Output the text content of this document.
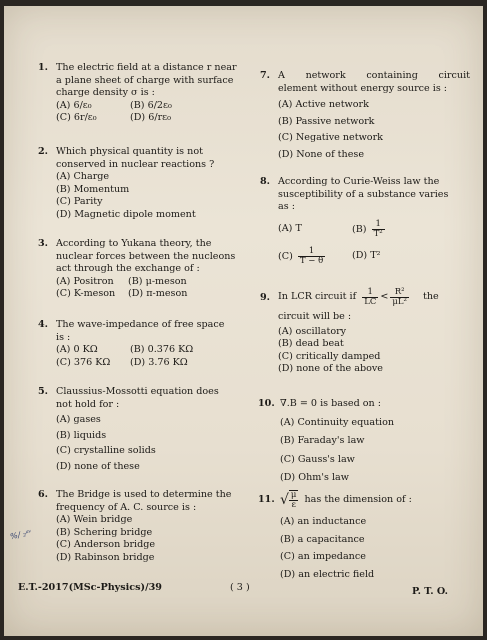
1. The electric field at a distance r near
a plane sheet of charge with surface
charge density σ is :
(A) 6/ε₀	(B) 6/2ε₀
(C) 6r/ε₀	(D) 6/rε₀
2. Which physical quantity is not
conserved in nuclear reactions ?
(A) Charge
(B) Momentum
(C) Parity
(D) Magnetic dipole moment
3. According to Yukana theory, the
nuclear forces between the nucleons
act through the exchange of :
(A) Positron	(B) μ-meson
(C) K-meson	(D) π-meson
4. The wave-impedance of free space
is :
(A) 0 KΩ	(B) 0.376 KΩ
(C) 376 KΩ	(D) 3.76 KΩ
5. Claussius-Mossotti equation does
not hold for :
(A) gases
(B) liquids
(C) crystalline solids
(D) none of these
6. The Bridge is used to determine the
frequency of A. C. source is :
(A) Wein bridge
(B) Schering bridge
(C) Anderson bridge
(D) Rabinson bridge
%/ ₂ᵃᵛ
7. A network containing circuit
element without energy source is :
(A) Active network
(B) Passive network
(C) Negative network
(D) None of these
8. According to Curie-Weiss law the
susceptibility of a substance varies
as :
(A) T	$(B) \frac{1}{\text{T²}}$
$(C) \frac{1}{T - \theta}$	(D) T²
9. In LCR circuit if $\frac{1}{LC} < \frac{\text{R²}}{\text{μL²}}$ the
circuit will be :
(A) oscillatory
(B) dead beat
(C) critically damped
(D) none of the above
10. ∇.B = 0 is based on :
(A) Continuity equation
(B) Faraday's law
(C) Gauss's law
(D) Ohm's law
11. √ $\frac{\mu}{\varepsilon}$ has the dimension of :
(A) an inductance
(B) a capacitance
(C) an impedance
(D) an electric field
E.T.-2017(MSc-Physics)/39	( 3 )	P. T. O.
